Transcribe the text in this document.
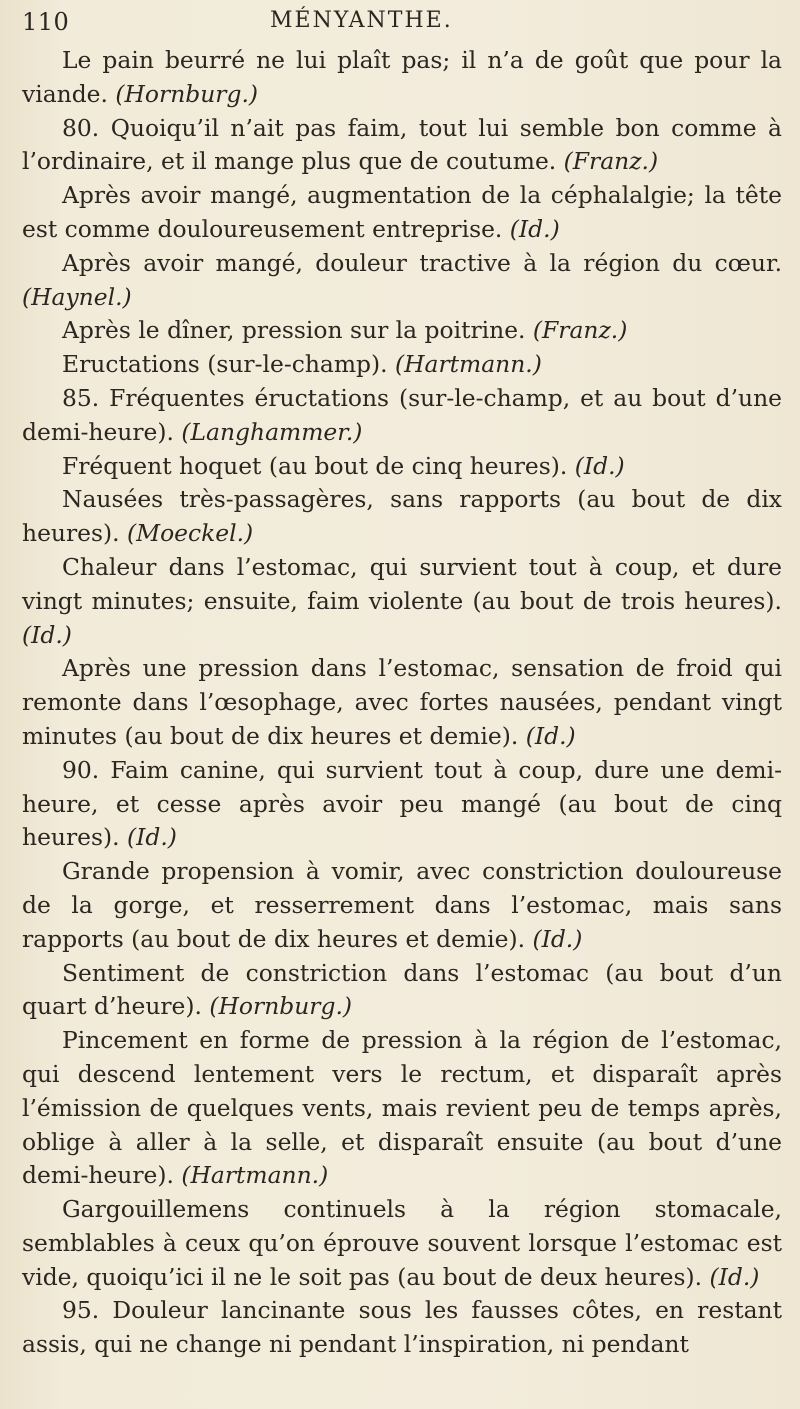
110	MÉNYANTHE.

Le pain beurré ne lui plaît pas; il n’a de goût que pour la viande. (Hornburg.)

80. Quoiqu’il n’ait pas faim, tout lui semble bon comme à l’ordinaire, et il mange plus que de coutume. (Franz.)

Après avoir mangé, augmentation de la céphalalgie; la tête est comme douloureusement entreprise. (Id.)

Après avoir mangé, douleur tractive à la région du cœur. (Haynel.)

Après le dîner, pression sur la poitrine. (Franz.)

Eructations (sur-le-champ). (Hartmann.)

85. Fréquentes éructations (sur-le-champ, et au bout d’une demi-heure). (Langhammer.)

Fréquent hoquet (au bout de cinq heures). (Id.)

Nausées très-passagères, sans rapports (au bout de dix heures). (Moeckel.)

Chaleur dans l’estomac, qui survient tout à coup, et dure vingt minutes; ensuite, faim violente (au bout de trois heures). (Id.)

Après une pression dans l’estomac, sensation de froid qui remonte dans l’œsophage, avec fortes nausées, pendant vingt minutes (au bout de dix heures et demie). (Id.)

90. Faim canine, qui survient tout à coup, dure une demi-heure, et cesse après avoir peu mangé (au bout de cinq heures). (Id.)

Grande propension à vomir, avec constriction douloureuse de la gorge, et resserrement dans l’estomac, mais sans rapports (au bout de dix heures et demie). (Id.)

Sentiment de constriction dans l’estomac (au bout d’un quart d’heure). (Hornburg.)

Pincement en forme de pression à la région de l’estomac, qui descend lentement vers le rectum, et disparaît après l’émission de quelques vents, mais revient peu de temps après, oblige à aller à la selle, et disparaît ensuite (au bout d’une demi-heure). (Hartmann.)

Gargouillemens continuels à la région stomacale, semblables à ceux qu’on éprouve souvent lorsque l’estomac est vide, quoiqu’ici il ne le soit pas (au bout de deux heures). (Id.)

95. Douleur lancinante sous les fausses côtes, en restant assis, qui ne change ni pendant l’inspiration, ni pendant
